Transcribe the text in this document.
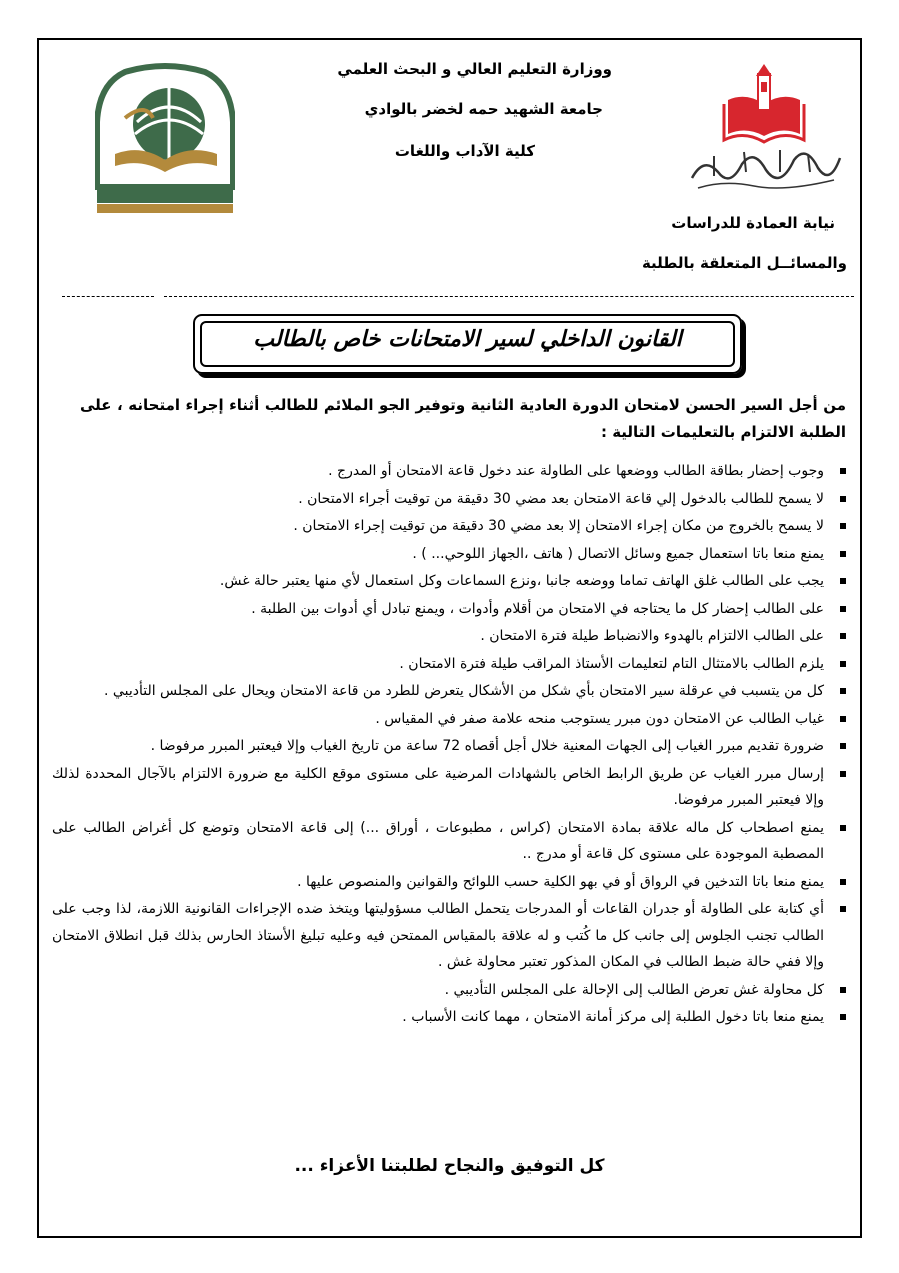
ووزارة التعليم العالي و البحث العلمي
جامعة الشهيد حمه لخضر بالوادي
كلية الآداب واللغات
نيابة العمادة للدراسات
والمسائــل المتعلقة بالطلبة
القانون الداخلي لسير الامتحانات خاص بالطالب
من أجل السير الحسن لامتحان الدورة العادية الثانية وتوفير الجو الملائم للطالب أثناء إجراء امتحانه ، على الطلبة الالتزام بالتعليمات التالية :
وجوب إحضار بطاقة الطالب ووضعها على الطاولة عند دخول قاعة الامتحان أو المدرج .
لا يسمح للطالب بالدخول إلي قاعة الامتحان بعد مضي 30 دقيقة من توقيت أجراء الامتحان .
لا يسمح بالخروج من مكان إجراء الامتحان إلا بعد مضي 30 دقيقة من توقيت إجراء الامتحان .
يمنع منعا باتا استعمال جميع وسائل الاتصال ( هاتف ،الجهاز اللوحي... ) .
يجب على الطالب غلق الهاتف تماما ووضعه جانبا ،ونزع السماعات وكل استعمال لأي منها يعتبر حالة غش.
على الطالب إحضار كل ما يحتاجه في الامتحان من أقلام وأدوات ، ويمنع تبادل أي أدوات بين الطلبة .
على الطالب الالتزام بالهدوء والانضباط طيلة فترة الامتحان .
يلزم الطالب بالامتثال التام لتعليمات الأستاذ المراقب طيلة فترة الامتحان .
كل من يتسبب في عرقلة سير الامتحان بأي شكل من الأشكال يتعرض للطرد من قاعة الامتحان ويحال على المجلس التأديبي .
غياب الطالب عن الامتحان دون مبرر يستوجب منحه علامة صفر في المقياس .
ضرورة تقديم مبرر الغياب إلى الجهات المعنية خلال أجل أقصاه 72 ساعة من تاريخ الغياب وإلا فيعتبر المبرر مرفوضا .
إرسال مبرر الغياب عن طريق الرابط الخاص بالشهادات المرضية على مستوى موقع الكلية مع ضرورة الالتزام بالآجال المحددة لذلك وإلا فيعتبر المبرر مرفوضا.
يمنع اصطحاب كل ماله علاقة بمادة الامتحان (كراس ، مطبوعات ، أوراق ...) إلى قاعة الامتحان وتوضع كل أغراض الطالب على المصطبة الموجودة على مستوى كل قاعة أو مدرج ..
يمنع منعا باتا التدخين في الرواق أو في بهو الكلية حسب اللوائح والقوانين والمنصوص عليها .
أي كتابة على الطاولة أو جدران القاعات أو المدرجات يتحمل الطالب مسؤوليتها ويتخذ ضده الإجراءات القانونية اللازمة، لذا وجب على الطالب تجنب الجلوس إلى جانب كل ما كُتب و له علاقة بالمقياس الممتحن فيه وعليه تبليغ الأستاذ الحارس بذلك قبل انطلاق الامتحان وإلا ففي حالة ضبط الطالب في المكان المذكور تعتبر محاولة غش .
كل محاولة غش تعرض الطالب إلى الإحالة على المجلس التأديبي .
يمنع منعا باتا دخول الطلبة إلى مركز أمانة الامتحان ، مهما كانت الأسباب .
كل التوفيق والنجاح لطلبتنا الأعزاء ...
